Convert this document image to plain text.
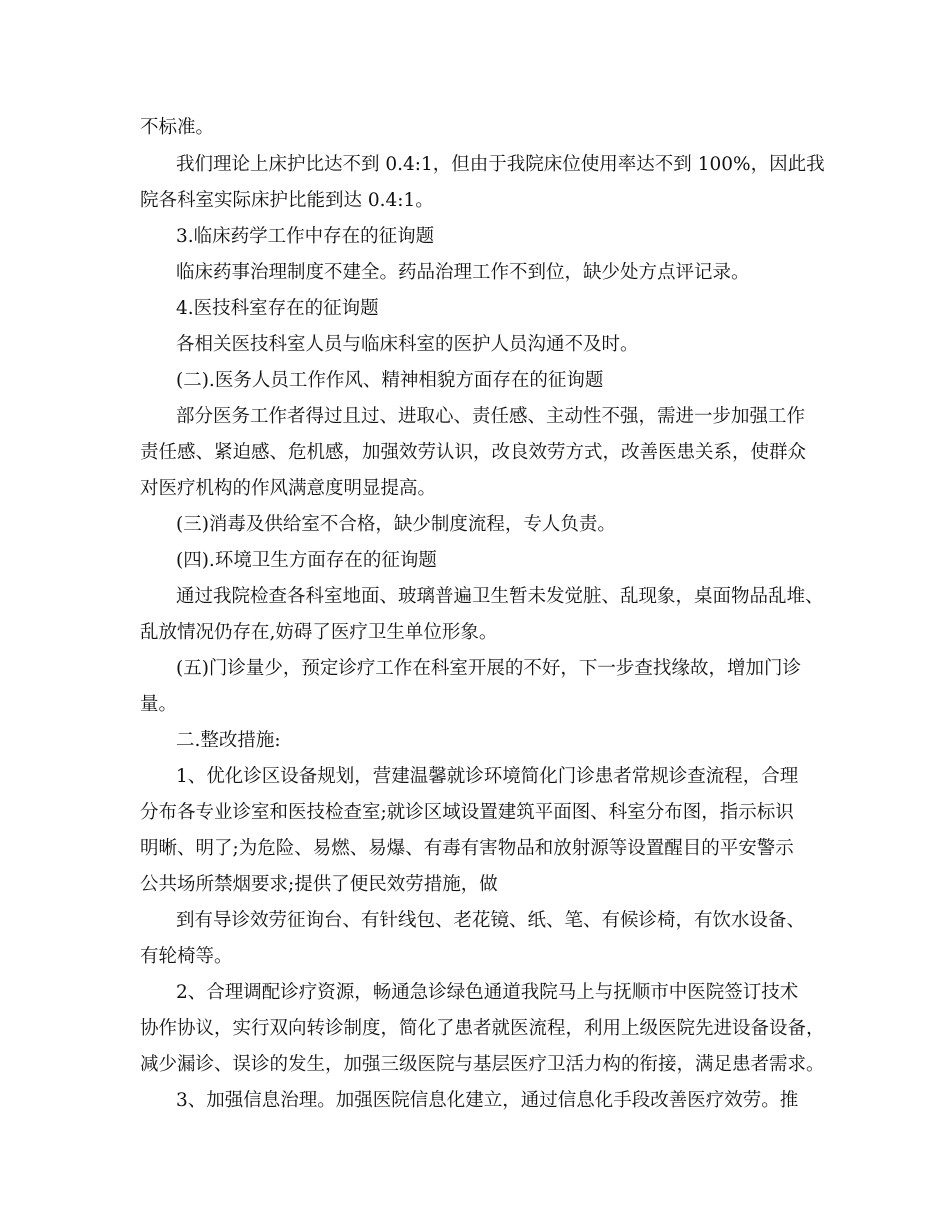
不标准。
我们理论上床护比达不到 0.4:1，但由于我院床位使用率达不到 100%，因此我
院各科室实际床护比能到达 0.4:1。
3.临床药学工作中存在的征询题
临床药事治理制度不建全。药品治理工作不到位，缺少处方点评记录。
4.医技科室存在的征询题
各相关医技科室人员与临床科室的医护人员沟通不及时。
(二).医务人员工作作风、精神相貌方面存在的征询题
部分医务工作者得过且过、进取心、责任感、主动性不强，需进一步加强工作
责任感、紧迫感、危机感，加强效劳认识，改良效劳方式，改善医患关系，使群众
对医疗机构的作风满意度明显提高。
(三)消毒及供给室不合格，缺少制度流程，专人负责。
(四).环境卫生方面存在的征询题
通过我院检查各科室地面、玻璃普遍卫生暂未发觉脏、乱现象，桌面物品乱堆、
乱放情况仍存在,妨碍了医疗卫生单位形象。
(五)门诊量少，预定诊疗工作在科室开展的不好，下一步查找缘故，增加门诊
量。
二.整改措施:
1、优化诊区设备规划，营建温馨就诊环境简化门诊患者常规诊查流程，合理
分布各专业诊室和医技检查室;就诊区域设置建筑平面图、科室分布图，指示标识
明晰、明了;为危险、易燃、易爆、有毒有害物品和放射源等设置醒目的平安警示
公共场所禁烟要求;提供了便民效劳措施，做
到有导诊效劳征询台、有针线包、老花镜、纸、笔、有候诊椅，有饮水设备、
有轮椅等。
2、合理调配诊疗资源，畅通急诊绿色通道我院马上与抚顺市中医院签订技术
协作协议，实行双向转诊制度，简化了患者就医流程，利用上级医院先进设备设备，
减少漏诊、误诊的发生，加强三级医院与基层医疗卫活力构的衔接，满足患者需求。
3、加强信息治理。加强医院信息化建立，通过信息化手段改善医疗效劳。推
